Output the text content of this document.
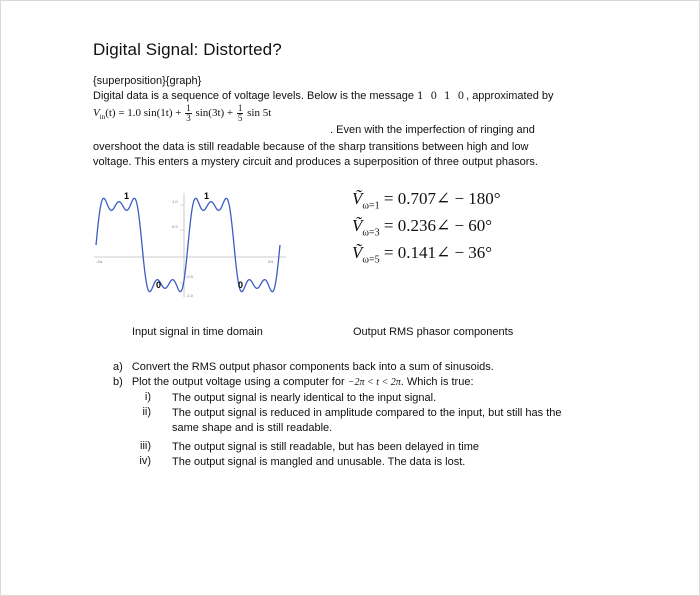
Digital Signal: Distorted?
{superposition}{graph}
Digital data is a sequence of voltage levels. Below is the message 1 0 1 0, approximated by
$V_{in}(t) = 1.0$ $\sin(1t) + \frac{1}{3} \sin(3t) + \frac{1}{5}$ sin 5t
. Even with the imperfection of ringing and
overshoot the data is still readable because of the sharp transitions between high and low
voltage. This enters a mystery circuit and produces a superposition of three output phasors.
1	1
0	0
1.0
0.5
-0.5
-1.0
-2π	2π
Ṽ$_{\omega=1}$ = 0.707∠ − 180°
Ṽ$_{\omega=3}$ = 0.236∠ − 60°
Ṽ$_{\omega=5}$ = 0.141∠ − 36°
Input signal in time domain	Output RMS phasor components
a) Convert the RMS output phasor components back into a sum of sinusoids.
b) Plot the output voltage using a computer for −2π < t < 2π. Which is true:
i) The output signal is nearly identical to the input signal.
ii) The output signal is reduced in amplitude compared to the input, but still has the
same shape and is still readable.
iii) The output signal is still readable, but has been delayed in time
iv) The output signal is mangled and unusable. The data is lost.
